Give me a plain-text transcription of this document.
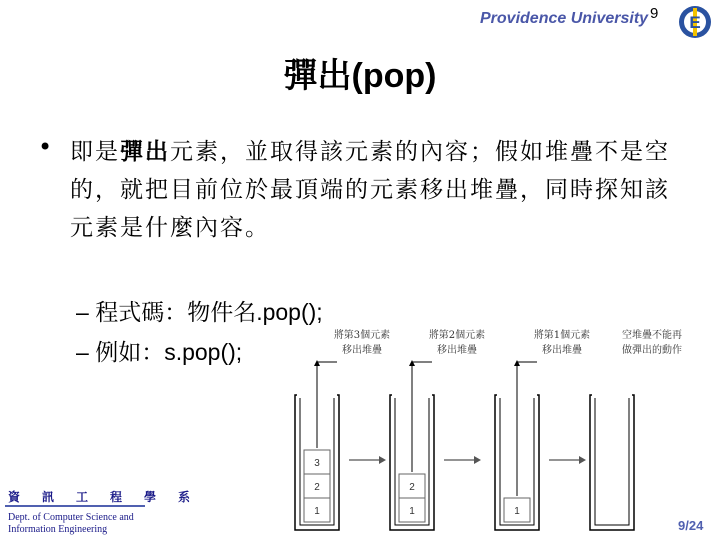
Providence University 9 E
彈出(pop)
• 即是彈出元素，並取得該元素的內容；假如堆疊不是空的，就把目前位於最頂端的元素移出堆疊，同時探知該元素是什麼內容。
– 程式碼：物件名.pop();
– 例如：s.pop();
1
2
3
將第3個元素
移出堆疊
1
2
將第2個元素
移出堆疊
1
將第1個元素
移出堆疊
空堆疊不能再
做彈出的動作
資訊工程學系
Dept. of Computer Science and
Information Engineering	9/24
